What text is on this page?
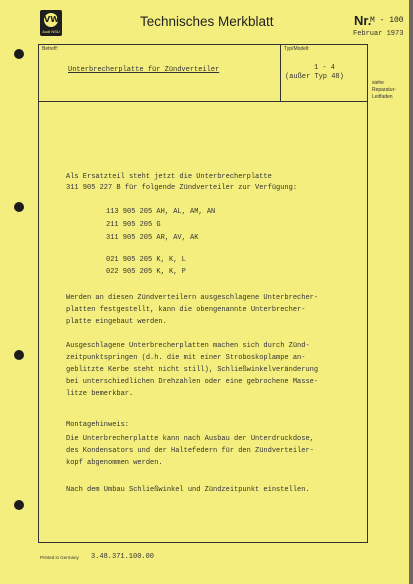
VW
Audi NSU
Technisches Merkblatt	Nr.
M - 100
Februar 1973
Betreff:	Typ/Modell:
Unterbrecherplatte für Zündverteiler	1 - 4
(außer Typ 48)
siehe
Reparatur-
Leitfaden
Als Ersatzteil steht jetzt die Unterbrecherplatte
311 905 227 B für folgende Zündverteiler zur Verfügung:
113 905 205 AH, AL, AM, AN
211 905 205 G
311 905 205 AR, AV, AK
021 905 205 K, K, L
022 905 205 K, K, P
Werden an diesen Zündverteilern ausgeschlagene Unterbrecher-
platten festgestellt, kann die obengenannte Unterbrecher-
platte eingebaut werden.
Ausgeschlagene Unterbrecherplatten machen sich durch Zünd-
zeitpunktspringen (d.h. die mit einer Stroboskoplampe an-
geblitzte Kerbe steht nicht still), Schließwinkelveränderung
bei unterschiedlichen Drehzahlen oder eine gebrochene Masse-
litze bemerkbar.
Montagehinweis:
Die Unterbrecherplatte kann nach Ausbau der Unterdruckdose,
des Kondensators und der Haltefedern für den Zündverteiler-
kopf abgenommen werden.
Nach dem Umbau Schließwinkel und Zündzeitpunkt einstellen.
Printed in Germany 3.48.371.100.00
